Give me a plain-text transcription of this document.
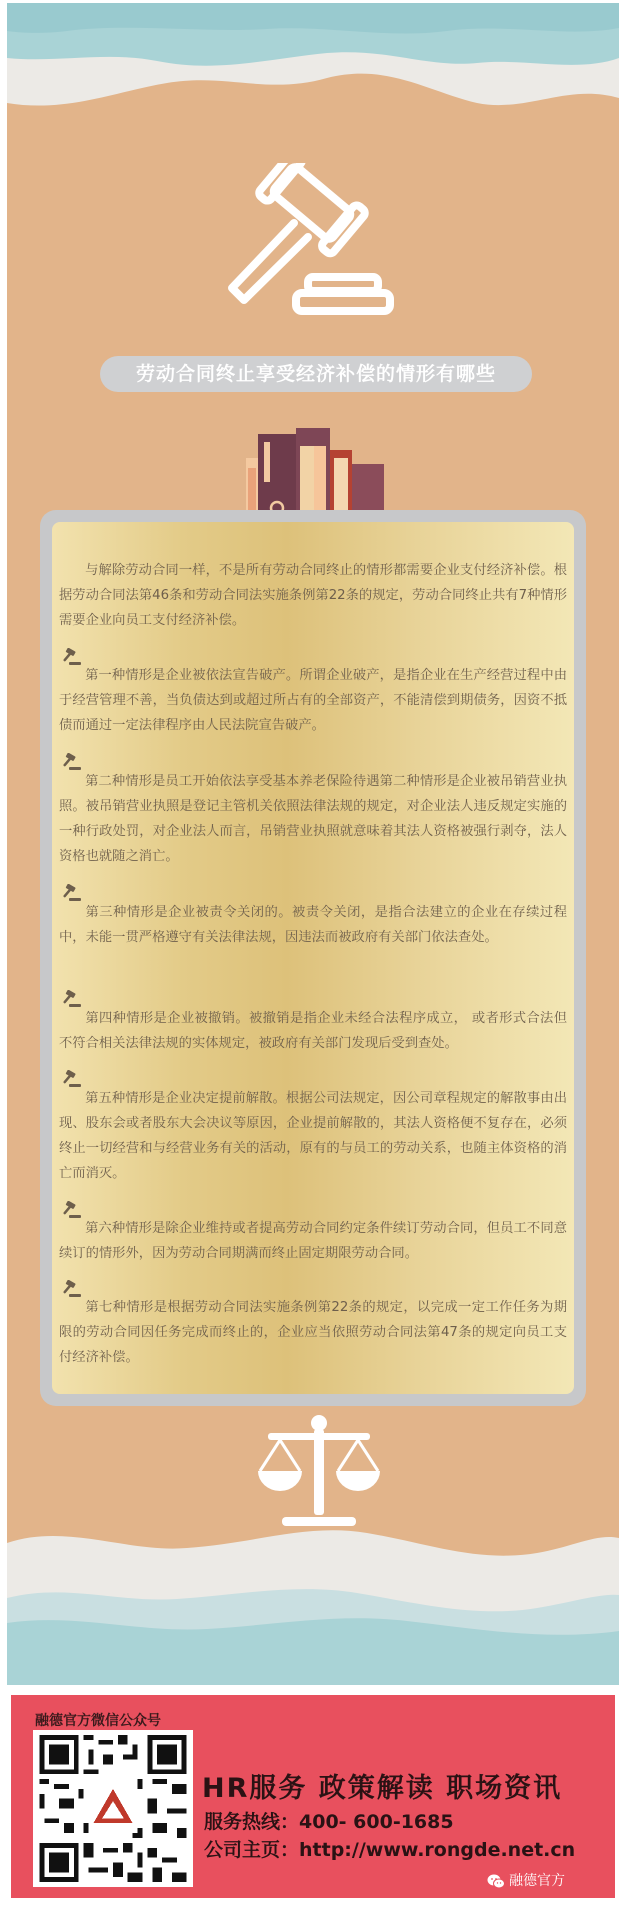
劳动合同终止享受经济补偿的情形有哪些

与解除劳动合同一样，不是所有劳动合同终止的情形都需要企业支付经济补偿。根据劳动合同法第46条和劳动合同法实施条例第22条的规定，劳动合同终止共有7种情形需要企业向员工支付经济补偿。

第一种情形是企业被依法宣告破产。所谓企业破产，是指企业在生产经营过程中由于经营管理不善，当负债达到或超过所占有的全部资产，不能清偿到期债务，因资不抵债而通过一定法律程序由人民法院宣告破产。

第二种情形是员工开始依法享受基本养老保险待遇第二种情形是企业被吊销营业执照。被吊销营业执照是登记主管机关依照法律法规的规定，对企业法人违反规定实施的一种行政处罚，对企业法人而言，吊销营业执照就意味着其法人资格被强行剥夺，法人资格也就随之消亡。

第三种情形是企业被责令关闭的。被责令关闭，是指合法建立的企业在存续过程中，未能一贯严格遵守有关法律法规，因违法而被政府有关部门依法查处。

第四种情形是企业被撤销。被撤销是指企业未经合法程序成立， 或者形式合法但不符合相关法律法规的实体规定，被政府有关部门发现后受到查处。

第五种情形是企业决定提前解散。根据公司法规定，因公司章程规定的解散事由出现、股东会或者股东大会决议等原因，企业提前解散的，其法人资格便不复存在，必须终止一切经营和与经营业务有关的活动，原有的与员工的劳动关系，也随主体资格的消亡而消灭。

第六种情形是除企业维持或者提高劳动合同约定条件续订劳动合同，但员工不同意续订的情形外，因为劳动合同期满而终止固定期限劳动合同。

第七种情形是根据劳动合同法实施条例第22条的规定，以完成一定工作任务为期限的劳动合同因任务完成而终止的，企业应当依照劳动合同法第47条的规定向员工支付经济补偿。

融德官方微信公众号
HR服务 政策解读 职场资讯
服务热线：400- 600-1685
公司主页：http://www.rongde.net.cn
融德官方
